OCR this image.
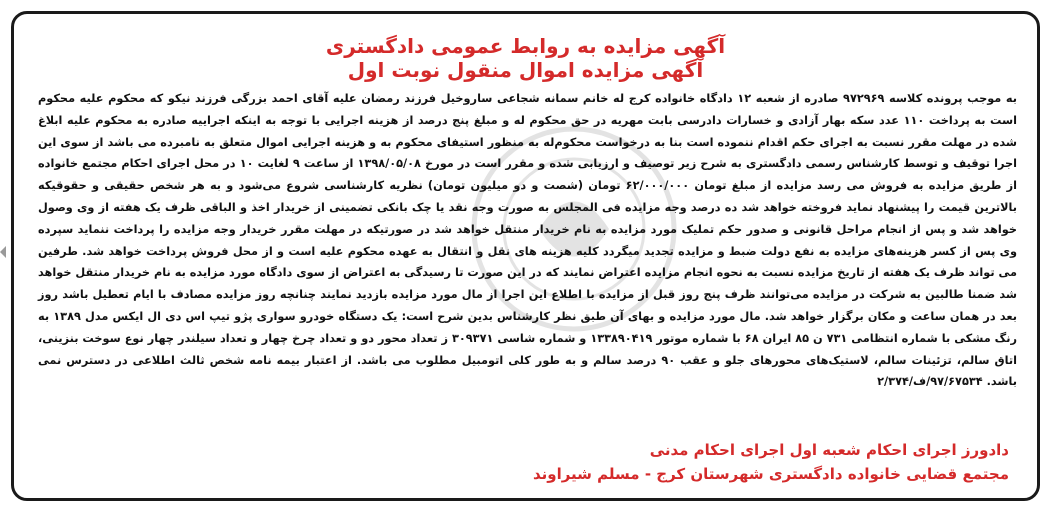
آگهی مزایده به روابط عمومی دادگستری
آگهی مزایده اموال منقول نوبت اول

به موجب پرونده کلاسه ۹۷۲۹۶۹ صادره از شعبه ۱۲ دادگاه خانواده کرج له خانم سمانه شجاعی ساروخیل فرزند رمضان علیه آقای احمد بزرگی فرزند نیکو که محکوم علیه محکوم است به پرداخت ۱۱۰ عدد سکه بهار آزادی و خسارات دادرسی بابت مهریه در حق محکوم له و مبلغ پنج درصد از هزینه اجرایی با توجه به اینکه اجراییه صادره به محکوم علیه ابلاغ شده در مهلت مقرر نسبت به اجرای حکم اقدام ننموده است بنا به درخواست محکوم‌له به منظور استیفای محکوم به و هزینه اجرایی اموال متعلق به نامبرده می باشد از سوی این اجرا توقیف و توسط کارشناس رسمی دادگستری به شرح زیر توصیف و ارزیابی شده و مقرر است در مورخ ۱۳۹۸/۰۵/۰۸ از ساعت ۹ لغایت ۱۰ در محل اجرای احکام مجتمع خانواده از طریق مزایده به فروش می رسد مزایده از مبلغ تومان ۶۲/۰۰۰/۰۰۰ تومان (شصت و دو میلیون تومان) نظریه کارشناسی شروع می‌شود و به هر شخص حقیقی و حقوقیکه بالاترین قیمت را پیشنهاد نماید فروخته خواهد شد ده درصد وجه مزایده فی المجلس به صورت وجه نقد یا چک بانکی تضمینی از خریدار اخذ و الباقی ظرف یک هفته از وی وصول خواهد شد و پس از انجام مراحل قانونی و صدور حکم تملیک مورد مزایده به نام خریدار منتقل خواهد شد در صورتیکه در مهلت مقرر خریدار وجه مزایده را پرداخت ننماید سپرده وی پس از کسر هزینه‌های مزایده به نفع دولت ضبط و مزایده تجدید میگردد کلیه هزینه های نقل و انتقال به عهده محکوم علیه است و از محل فروش پرداخت خواهد شد. طرفین می تواند ظرف یک هفته از تاریخ مزایده نسبت به نحوه انجام مزایده اعتراض نمایند که در این صورت تا رسیدگی به اعتراض از سوی دادگاه مورد مزایده به نام خریدار منتقل خواهد شد ضمنا طالبین به شرکت در مزایده می‌توانند ظرف پنج روز قبل از مزایده با اطلاع این اجرا از مال مورد مزایده بازدید نمایند چنانچه روز مزایده مصادف با ایام تعطیل باشد روز بعد در همان ساعت و مکان برگزار خواهد شد. مال مورد مزایده و بهای آن طبق نظر کارشناس بدین شرح است: یک دستگاه خودرو سواری پژو تیپ اس دی ال ایکس مدل ۱۳۸۹ به رنگ مشکی با شماره انتظامی ۷۳۱ ن ۸۵ ایران ۶۸ با شماره موتور ۱۳۳۸۹۰۴۱۹ و شماره شاسی ۳۰۹۳۷۱ ز تعداد محور دو و تعداد چرخ چهار و تعداد سیلندر چهار نوع سوخت بنزینی، اتاق سالم، تزئینات سالم، لاستیک‌های محورهای جلو و عقب ۹۰ درصد سالم و به طور کلی اتومبیل مطلوب می باشد. از اعتبار بیمه نامه شخص ثالث اطلاعی در دسترس نمی باشد. ۹۷/۶۷۵۳۴/ف/۲/۳۷۴

دادورز اجرای احکام شعبه اول اجرای احکام مدنی
مجتمع قضایی خانواده دادگستری شهرستان کرج - مسلم شیراوند
